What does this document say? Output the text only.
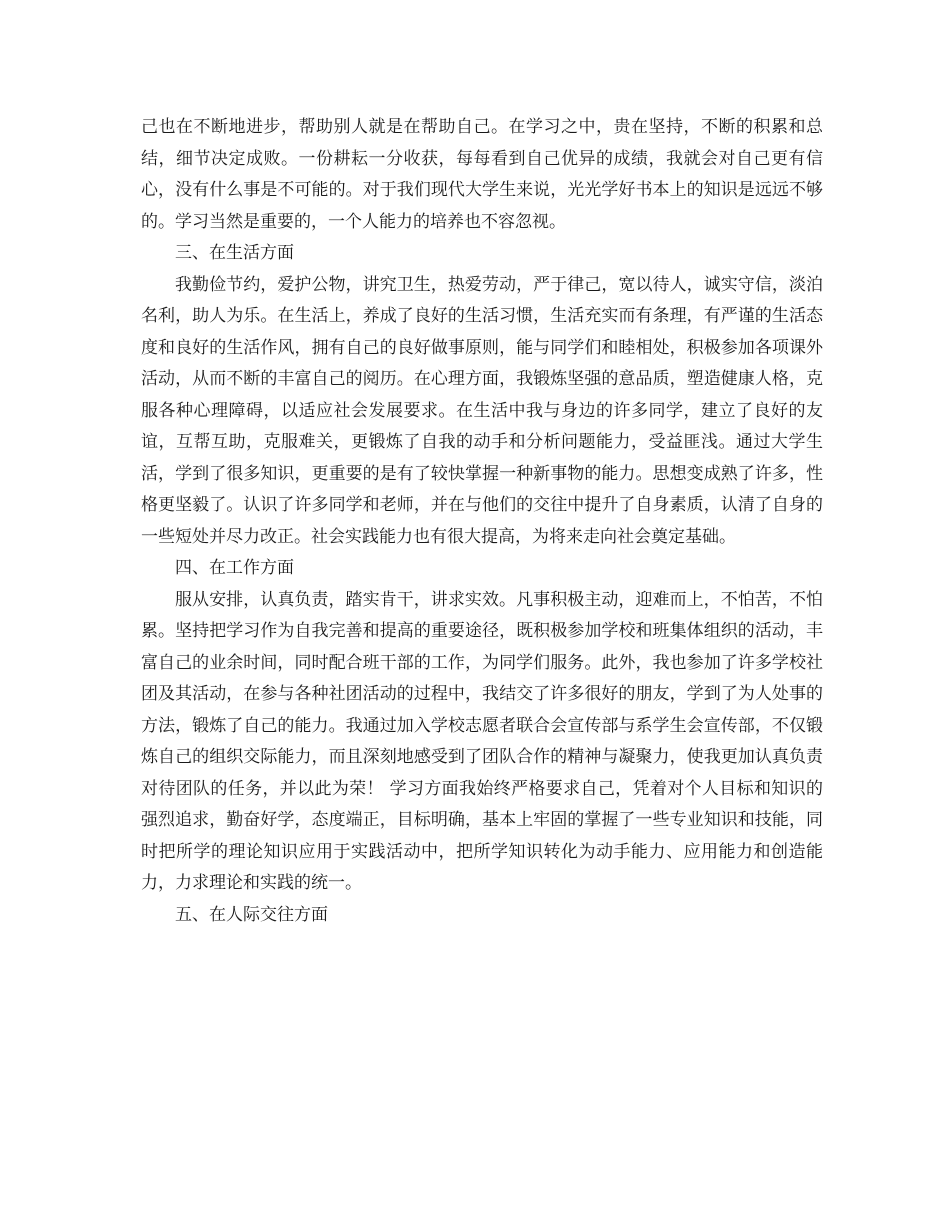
己也在不断地进步，帮助别人就是在帮助自己。在学习之中，贵在坚持，不断的积累和总结，细节决定成败。一份耕耘一分收获，每每看到自己优异的成绩，我就会对自己更有信心，没有什么事是不可能的。对于我们现代大学生来说，光光学好书本上的知识是远远不够的。学习当然是重要的，一个人能力的培养也不容忽视。

三、在生活方面

我勤俭节约，爱护公物，讲究卫生，热爱劳动，严于律己，宽以待人，诚实守信，淡泊名利，助人为乐。在生活上，养成了良好的生活习惯，生活充实而有条理，有严谨的生活态度和良好的生活作风，拥有自己的良好做事原则，能与同学们和睦相处，积极参加各项课外活动，从而不断的丰富自己的阅历。在心理方面，我锻炼坚强的意品质，塑造健康人格，克服各种心理障碍，以适应社会发展要求。在生活中我与身边的许多同学，建立了良好的友谊，互帮互助，克服难关，更锻炼了自我的动手和分析问题能力，受益匪浅。通过大学生活，学到了很多知识，更重要的是有了较快掌握一种新事物的能力。思想变成熟了许多，性格更坚毅了。认识了许多同学和老师，并在与他们的交往中提升了自身素质，认清了自身的一些短处并尽力改正。社会实践能力也有很大提高，为将来走向社会奠定基础。

四、在工作方面

服从安排，认真负责，踏实肯干，讲求实效。凡事积极主动，迎难而上，不怕苦，不怕累。坚持把学习作为自我完善和提高的重要途径，既积极参加学校和班集体组织的活动，丰富自己的业余时间，同时配合班干部的工作，为同学们服务。此外，我也参加了许多学校社团及其活动，在参与各种社团活动的过程中，我结交了许多很好的朋友，学到了为人处事的方法，锻炼了自己的能力。我通过加入学校志愿者联合会宣传部与系学生会宣传部，不仅锻炼自己的组织交际能力，而且深刻地感受到了团队合作的精神与凝聚力，使我更加认真负责对待团队的任务，并以此为荣！ 学习方面我始终严格要求自己，凭着对个人目标和知识的强烈追求，勤奋好学，态度端正，目标明确，基本上牢固的掌握了一些专业知识和技能，同时把所学的理论知识应用于实践活动中，把所学知识转化为动手能力、应用能力和创造能力，力求理论和实践的统一。

五、在人际交往方面
